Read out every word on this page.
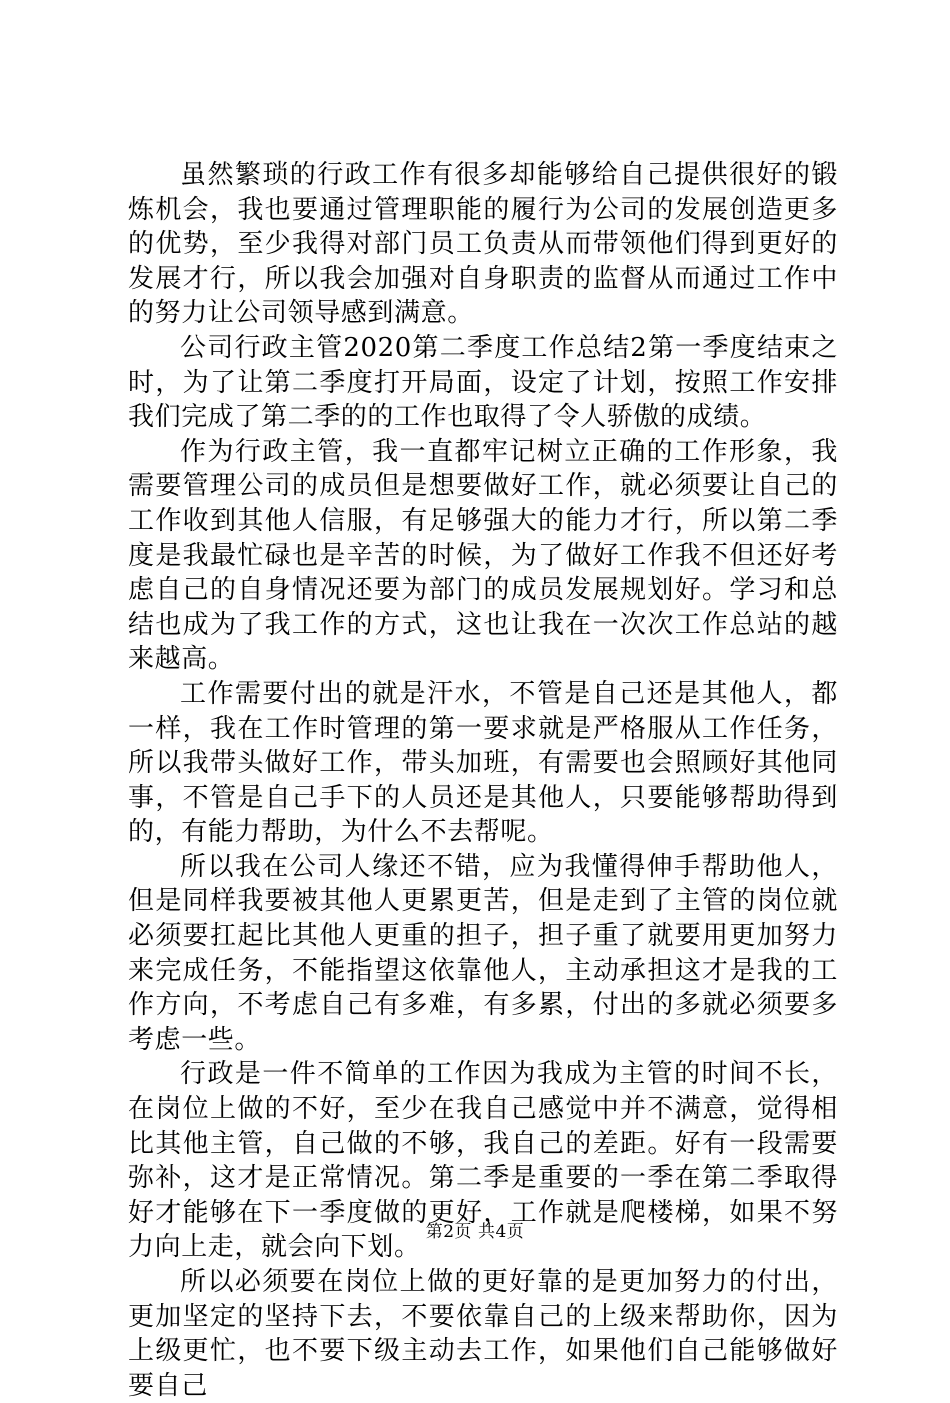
虽然繁琐的行政工作有很多却能够给自己提供很好的锻炼机会，我也要通过管理职能的履行为公司的发展创造更多的优势，至少我得对部门员工负责从而带领他们得到更好的发展才行，所以我会加强对自身职责的监督从而通过工作中的努力让公司领导感到满意。

公司行政主管2020第二季度工作总结2第一季度结束之时，为了让第二季度打开局面，设定了计划，按照工作安排我们完成了第二季的的工作也取得了令人骄傲的成绩。

作为行政主管，我一直都牢记树立正确的工作形象，我需要管理公司的成员但是想要做好工作，就必须要让自己的工作收到其他人信服，有足够强大的能力才行，所以第二季度是我最忙碌也是辛苦的时候，为了做好工作我不但还好考虑自己的自身情况还要为部门的成员发展规划好。学习和总结也成为了我工作的方式，这也让我在一次次工作总站的越来越高。

工作需要付出的就是汗水，不管是自己还是其他人，都一样，我在工作时管理的第一要求就是严格服从工作任务，所以我带头做好工作，带头加班，有需要也会照顾好其他同事，不管是自己手下的人员还是其他人，只要能够帮助得到的，有能力帮助，为什么不去帮呢。

所以我在公司人缘还不错，应为我懂得伸手帮助他人，但是同样我要被其他人更累更苦，但是走到了主管的岗位就必须要扛起比其他人更重的担子，担子重了就要用更加努力来完成任务，不能指望这依靠他人，主动承担这才是我的工作方向，不考虑自己有多难，有多累，付出的多就必须要多考虑一些。

行政是一件不简单的工作因为我成为主管的时间不长，在岗位上做的不好，至少在我自己感觉中并不满意，觉得相比其他主管，自己做的不够，我自己的差距。好有一段需要弥补，这才是正常情况。第二季是重要的一季在第二季取得好才能够在下一季度做的更好，工作就是爬楼梯，如果不努力向上走，就会向下划。

所以必须要在岗位上做的更好靠的是更加努力的付出，更加坚定的坚持下去，不要依靠自己的上级来帮助你，因为上级更忙，也不要下级主动去工作，如果他们自己能够做好要自己

第2页 共4页
